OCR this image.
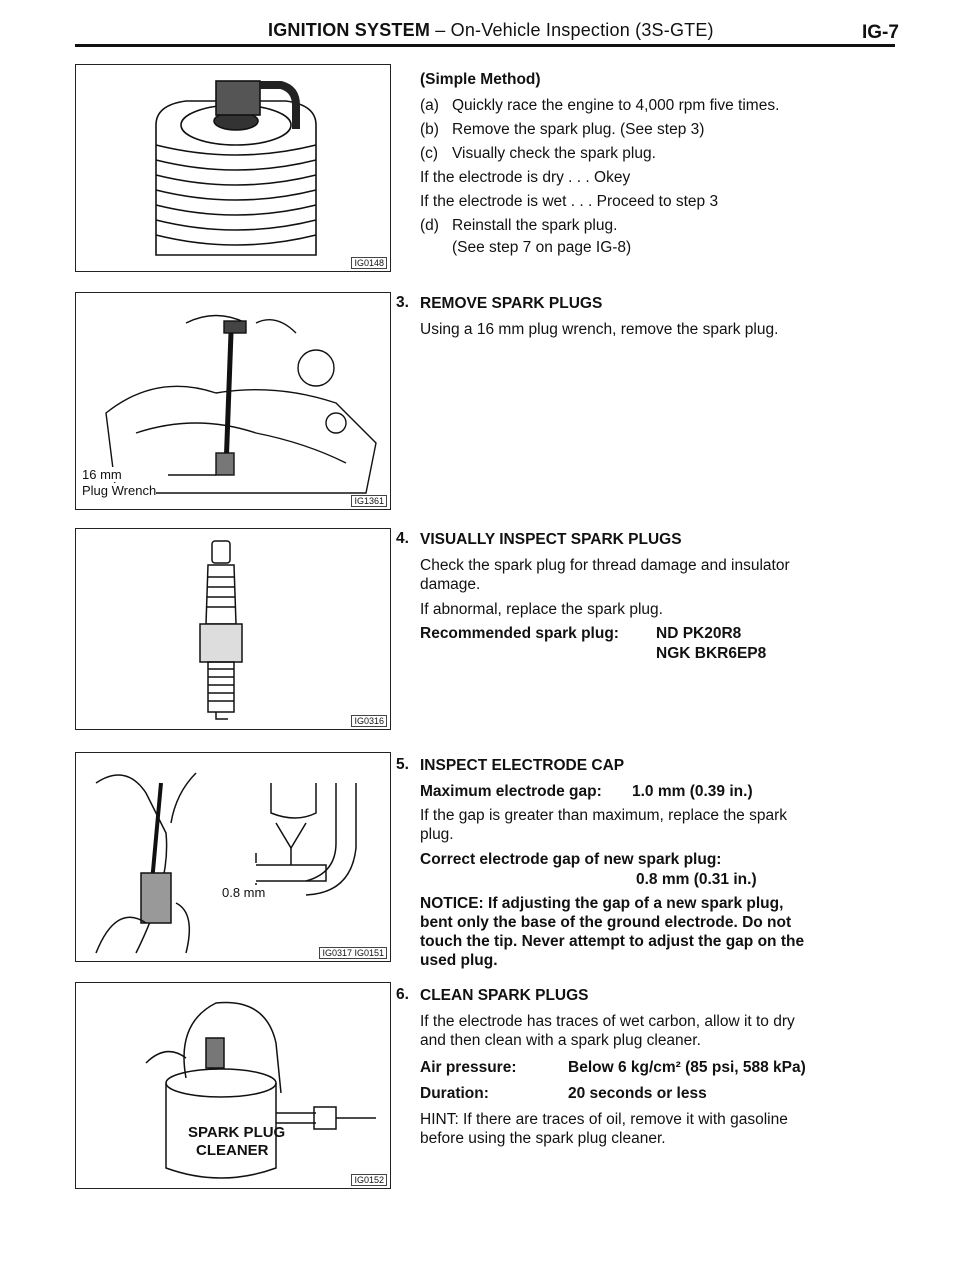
IGNITION SYSTEM – On-Vehicle Inspection (3S-GTE)	IG-7
IG0148
16 mm
Plug Wrench
IG1361
IG0316
0.8 mm
IG0317 IG0151
SPARK PLUG
CLEANER
IG0152
(Simple Method)
(a) Quickly race the engine to 4,000 rpm five times.
(b) Remove the spark plug. (See step 3)
(c) Visually check the spark plug.
If the electrode is dry . . . Okey
If the electrode is wet . . . Proceed to step 3
(d) Reinstall the spark plug.
(See step 7 on page IG-8)
3. REMOVE SPARK PLUGS
Using a 16 mm plug wrench, remove the spark plug.
4. VISUALLY INSPECT SPARK PLUGS
Check the spark plug for thread damage and insulator
damage.
If abnormal, replace the spark plug.
Recommended spark plug: ND PK20R8
NGK BKR6EP8
5. INSPECT ELECTRODE CAP
Maximum electrode gap: 1.0 mm (0.39 in.)
If the gap is greater than maximum, replace the spark
plug.
Correct electrode gap of new spark plug:
0.8 mm (0.31 in.)
NOTICE: If adjusting the gap of a new spark plug,
bent only the base of the ground electrode. Do not
touch the tip. Never attempt to adjust the gap on the
used plug.
6. CLEAN SPARK PLUGS
If the electrode has traces of wet carbon, allow it to dry
and then clean with a spark plug cleaner.
Air pressure:	Below 6 kg/cm² (85 psi, 588 kPa)
Duration:	20 seconds or less
HINT: If there are traces of oil, remove it with gasoline
before using the spark plug cleaner.
